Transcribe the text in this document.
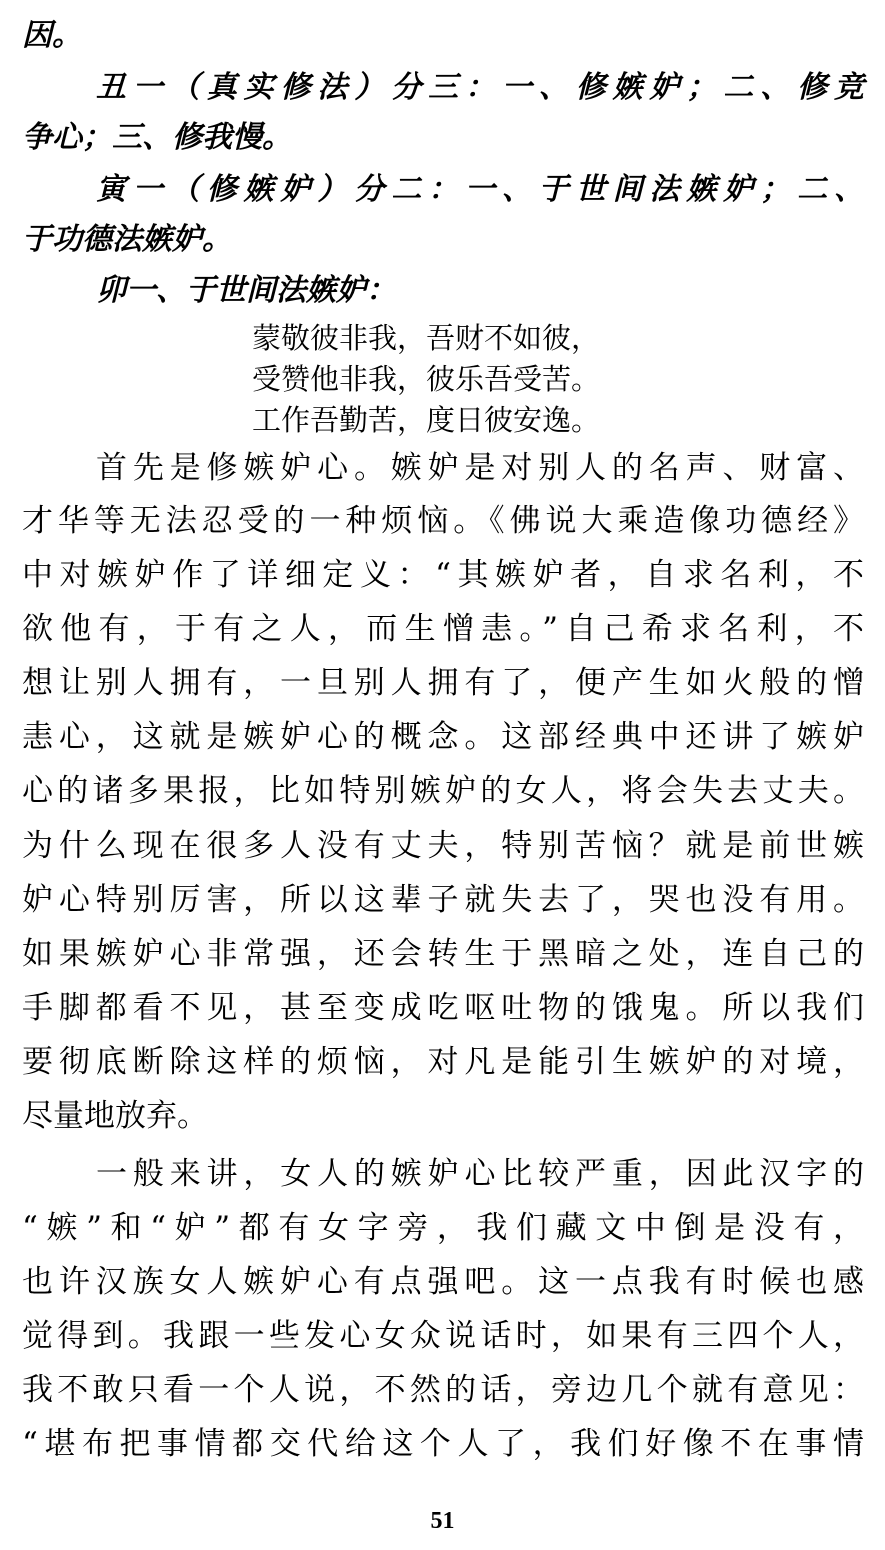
因。
丑一（真实修法）分三：一、修嫉妒；二、修竞
争心；三、修我慢。
寅一（修嫉妒）分二：一、于世间法嫉妒；二、
于功德法嫉妒。
卯一、于世间法嫉妒：
蒙敬彼非我，吾财不如彼，
受赞他非我，彼乐吾受苦。
工作吾勤苦，度日彼安逸。
首先是修嫉妒心。嫉妒是对别人的名声、财富、
才华等无法忍受的一种烦恼。《佛说大乘造像功德经》
中对嫉妒作了详细定义：“其嫉妒者，自求名利，不
欲他有，于有之人，而生憎恚。”自己希求名利，不
想让别人拥有，一旦别人拥有了，便产生如火般的憎
恚心，这就是嫉妒心的概念。这部经典中还讲了嫉妒
心的诸多果报，比如特别嫉妒的女人，将会失去丈夫。
为什么现在很多人没有丈夫，特别苦恼？就是前世嫉
妒心特别厉害，所以这辈子就失去了，哭也没有用。
如果嫉妒心非常强，还会转生于黑暗之处，连自己的
手脚都看不见，甚至变成吃呕吐物的饿鬼。所以我们
要彻底断除这样的烦恼，对凡是能引生嫉妒的对境，
尽量地放弃。
一般来讲，女人的嫉妒心比较严重，因此汉字的
“嫉”和“妒”都有女字旁，我们藏文中倒是没有，
也许汉族女人嫉妒心有点强吧。这一点我有时候也感
觉得到。我跟一些发心女众说话时，如果有三四个人，
我不敢只看一个人说，不然的话，旁边几个就有意见：
“堪布把事情都交代给这个人了，我们好像不在事情
51
